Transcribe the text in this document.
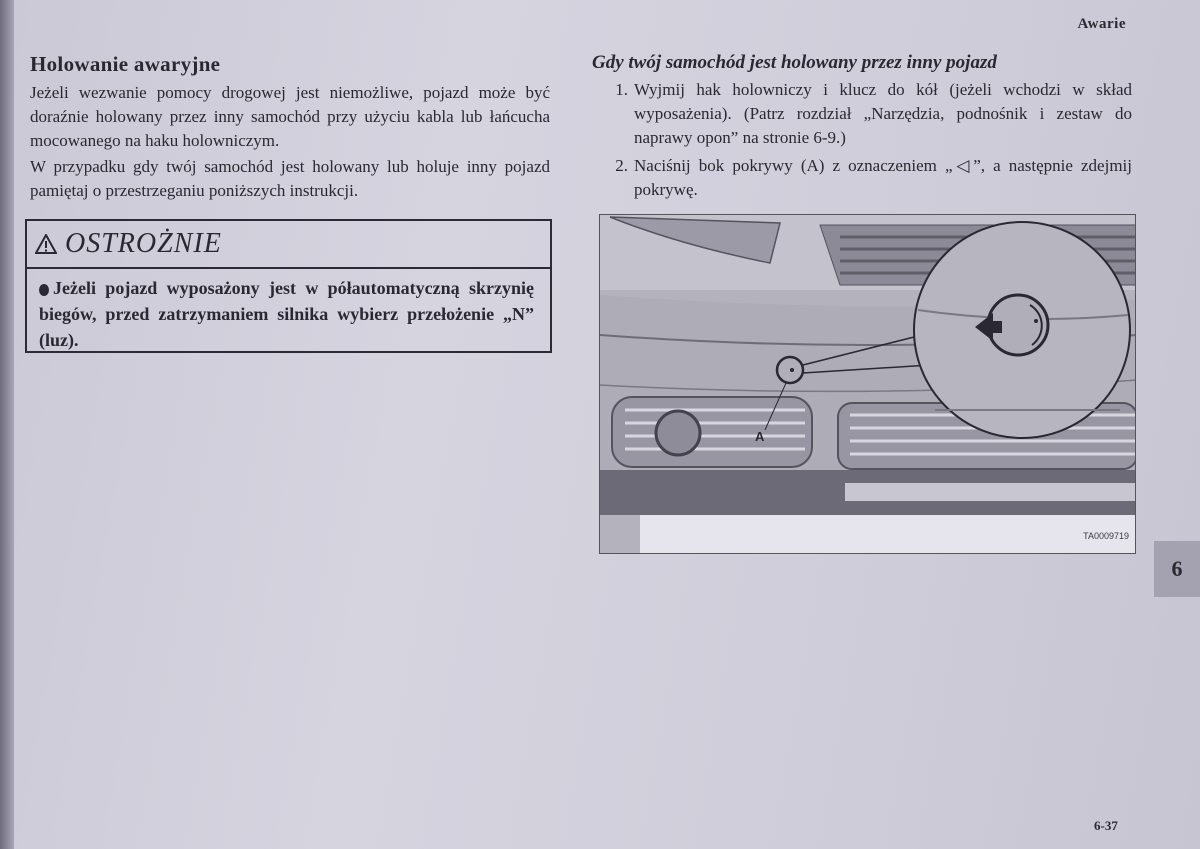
Awarie
Holowanie awaryjne

Jeżeli wezwanie pomocy drogowej jest niemożliwe, pojazd może być doraźnie holowany przez inny samochód przy użyciu kabla lub łańcucha mocowanego na haku holowniczym.

W przypadku gdy twój samochód jest holowany lub holuje inny pojazd pamiętaj o przestrzeganiu poniższych instrukcji.

OSTROŻNIE
Jeżeli pojazd wyposażony jest w półautomatyczną skrzynię biegów, przed zatrzymaniem silnika wybierz przełożenie „N” (luz).
Gdy twój samochód jest holowany przez inny pojazd
1. Wyjmij hak holowniczy i klucz do kół (jeżeli wchodzi w skład wyposażenia). (Patrz rozdział „Narzędzia, podnośnik i zestaw do naprawy opon” na stronie 6-9.)
2. Naciśnij bok pokrywy (A) z oznaczeniem „◁”, a następnie zdejmij pokrywę.
A
TA0009719
6
6-37
